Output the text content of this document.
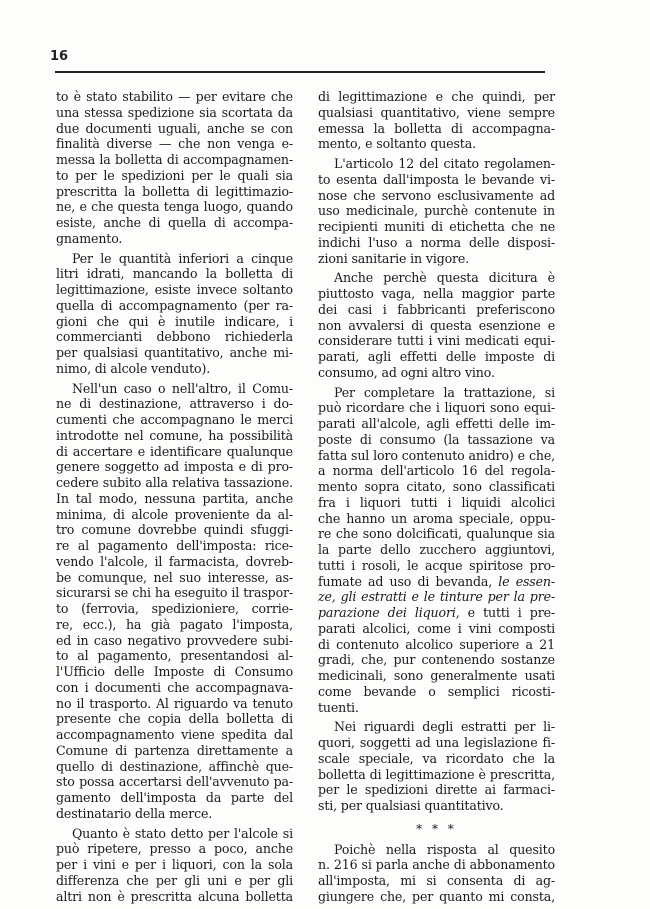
16
to è stato stabilito — per evitare che
una stessa spedizione sia scortata da
due documenti uguali, anche se con
finalità diverse — che non venga e-
messa la bolletta di accompagnamen-
to per le spedizioni per le quali sia
prescritta la bolletta di legittimazio-
ne, e che questa tenga luogo, quando
esiste, anche di quella di accompa-
gnamento.
Per le quantità inferiori a cinque
litri idrati, mancando la bolletta di
legittimazione, esiste invece soltanto
quella di accompagnamento (per ra-
gioni che qui è inutile indicare, i
commercianti debbono richiederla
per qualsiasi quantitativo, anche mi-
nimo, di alcole venduto).
Nell'un caso o nell'altro, il Comu-
ne di destinazione, attraverso i do-
cumenti che accompagnano le merci
introdotte nel comune, ha possibilità
di accertare e identificare qualunque
genere soggetto ad imposta e di pro-
cedere subito alla relativa tassazione.
In tal modo, nessuna partita, anche
minima, di alcole proveniente da al-
tro comune dovrebbe quindi sfuggi-
re al pagamento dell'imposta: rice-
vendo l'alcole, il farmacista, dovreb-
be comunque, nel suo interesse, as-
sicurarsi se chi ha eseguito il traspor-
to (ferrovia, spedizioniere, corrie-
re, ecc.), ha già pagato l'imposta,
ed in caso negativo provvedere subi-
to al pagamento, presentandosi al-
l'Ufficio delle Imposte di Consumo
con i documenti che accompagnava-
no il trasporto. Al riguardo va tenuto
presente che copia della bolletta di
accompagnamento viene spedita dal
Comune di partenza direttamente a
quello di destinazione, affinchè que-
sto possa accertarsi dell'avvenuto pa-
gamento dell'imposta da parte del
destinatario della merce.
Quanto è stato detto per l'alcole si
può ripetere, presso a poco, anche
per i vini e per i liquori, con la sola
differenza che per gli uni e per gli
altri non è prescritta alcuna bolletta
di legittimazione e che quindi, per
qualsiasi quantitativo, viene sempre
emessa la bolletta di accompagna-
mento, e soltanto questa.
L'articolo 12 del citato regolamen-
to esenta dall'imposta le bevande vi-
nose che servono esclusivamente ad
uso medicinale, purchè contenute in
recipienti muniti di etichetta che ne
indichi l'uso a norma delle disposi-
zioni sanitarie in vigore.
Anche perchè questa dicitura è
piuttosto vaga, nella maggior parte
dei casi i fabbricanti preferiscono
non avvalersi di questa esenzione e
considerare tutti i vini medicati equi-
parati, agli effetti delle imposte di
consumo, ad ogni altro vino.
Per completare la trattazione, si
può ricordare che i liquori sono equi-
parati all'alcole, agli effetti delle im-
poste di consumo (la tassazione va
fatta sul loro contenuto anidro) e che,
a norma dell'articolo 16 del regola-
mento sopra citato, sono classificati
fra i liquori tutti i liquidi alcolici
che hanno un aroma speciale, oppu-
re che sono dolcificati, qualunque sia
la parte dello zucchero aggiuntovi,
tutti i rosoli, le acque spiritose pro-
fumate ad uso di bevanda, le essen-
ze, gli estratti e le tinture per la pre-
parazione dei liquori, e tutti i pre-
parati alcolici, come i vini composti
di contenuto alcolico superiore a 21
gradi, che, pur contenendo sostanze
medicinali, sono generalmente usati
come bevande o semplici ricosti-
tuenti.
Nei riguardi degli estratti per li-
quori, soggetti ad una legislazione fi-
scale speciale, va ricordato che la
bolletta di legittimazione è prescritta,
per le spedizioni dirette ai farmaci-
sti, per qualsiasi quantitativo.
* * *
Poichè nella risposta al quesito
n. 216 si parla anche di abbonamento
all'imposta, mi si consenta di ag-
giungere che, per quanto mi consta,
